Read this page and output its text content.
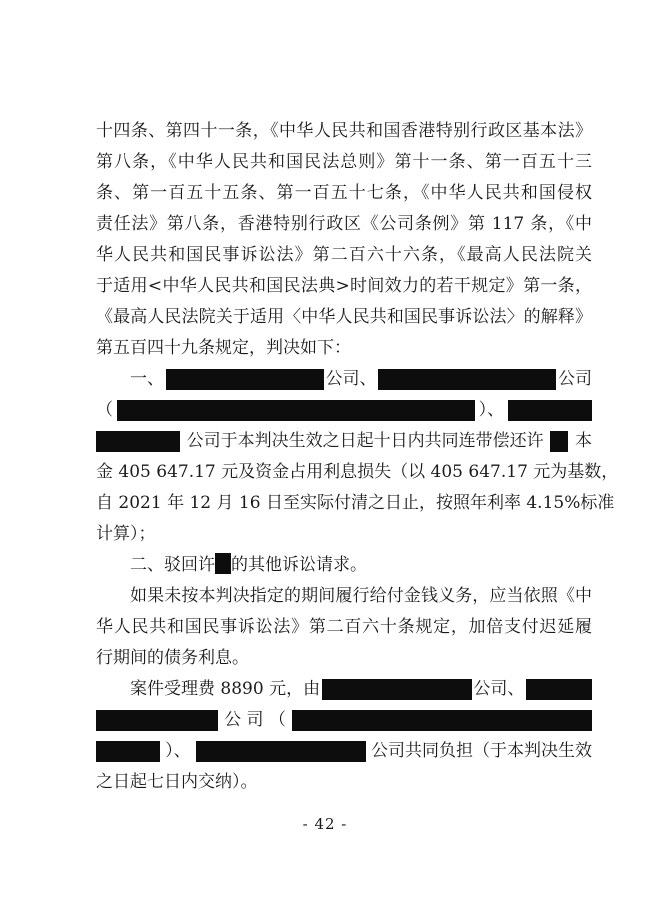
十四条、第四十一条，《中华人民共和国香港特别行政区基本法》
第八条，《中华人民共和国民法总则》第十一条、第一百五十三
条、第一百五十五条、第一百五十七条，《中华人民共和国侵权
责任法》第八条，香港特别行政区《公司条例》第 117 条，《中
华人民共和国民事诉讼法》第二百六十六条，《最高人民法院关
于适用<中华人民共和国民法典>时间效力的若干规定》第一条，
《最高人民法院关于适用〈中华人民共和国民事诉讼法〉的解释》
第五百四十九条规定，判决如下：
一、	公司、	公司
（	）、
公司于本判决生效之日起十日内共同连带偿还许 本
金 405 647.17 元及资金占用利息损失（以 405 647.17 元为基数，
自 2021 年 12 月 16 日至实际付清之日止，按照年利率 4.15%标准
计算）；
二、驳回许 的其他诉讼请求。
如果未按本判决指定的期间履行给付金钱义务，应当依照《中
华人民共和国民事诉讼法》第二百六十条规定，加倍支付迟延履
行期间的债务利息。
案件受理费 8890 元，由	公司、
公 司 （
）、	公司共同负担（于本判决生效
之日起七日内交纳）。
- 42 -
